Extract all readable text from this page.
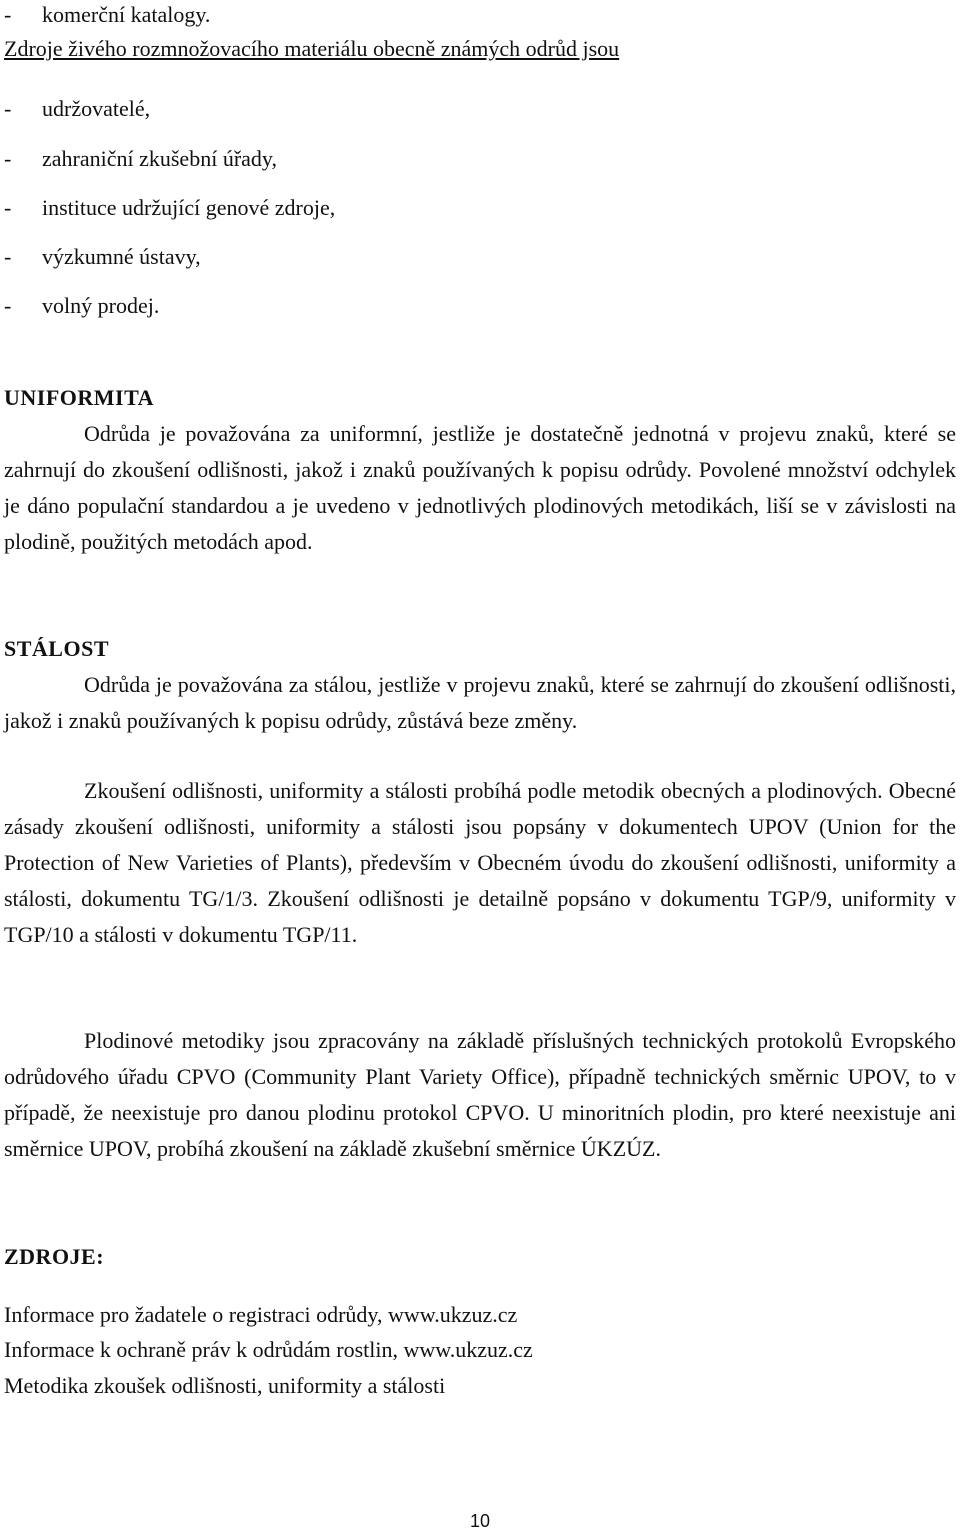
- komerční katalogy.
Zdroje živého rozmnožovacího materiálu obecně známých odrůd jsou
- udržovatelé,
- zahraniční zkušební úřady,
- instituce udržující genové zdroje,
- výzkumné ústavy,
- volný prodej.
UNIFORMITA
Odrůda je považována za uniformní, jestliže je dostatečně jednotná v projevu znaků, které se zahrnují do zkoušení odlišnosti, jakož i znaků používaných k popisu odrůdy. Povolené množství odchylek je dáno populační standardou a je uvedeno v jednotlivých plodinových metodikách, liší se v závislosti na plodině, použitých metodách apod.
STÁLOST
Odrůda je považována za stálou, jestliže v projevu znaků, které se zahrnují do zkoušení odlišnosti, jakož i znaků používaných k popisu odrůdy, zůstává beze změny.
Zkoušení odlišnosti, uniformity a stálosti probíhá podle metodik obecných a plodinových. Obecné zásady zkoušení odlišnosti, uniformity a stálosti jsou popsány v dokumentech UPOV (Union for the Protection of New Varieties of Plants), především v Obecném úvodu do zkoušení odlišnosti, uniformity a stálosti, dokumentu TG/1/3. Zkoušení odlišnosti je detailně popsáno v dokumentu TGP/9, uniformity v TGP/10 a stálosti v dokumentu TGP/11.
Plodinové metodiky jsou zpracovány na základě příslušných technických protokolů Evropského odrůdového úřadu CPVO (Community Plant Variety Office), případně technických směrnic UPOV, to v případě, že neexistuje pro danou plodinu protokol CPVO. U minoritních plodin, pro které neexistuje ani směrnice UPOV, probíhá zkoušení na základě zkušební směrnice ÚKZÚZ.
ZDROJE:
Informace pro žadatele o registraci odrůdy, www.ukzuz.cz
Informace k ochraně práv k odrůdám rostlin, www.ukzuz.cz
Metodika zkoušek odlišnosti, uniformity a stálosti
10
